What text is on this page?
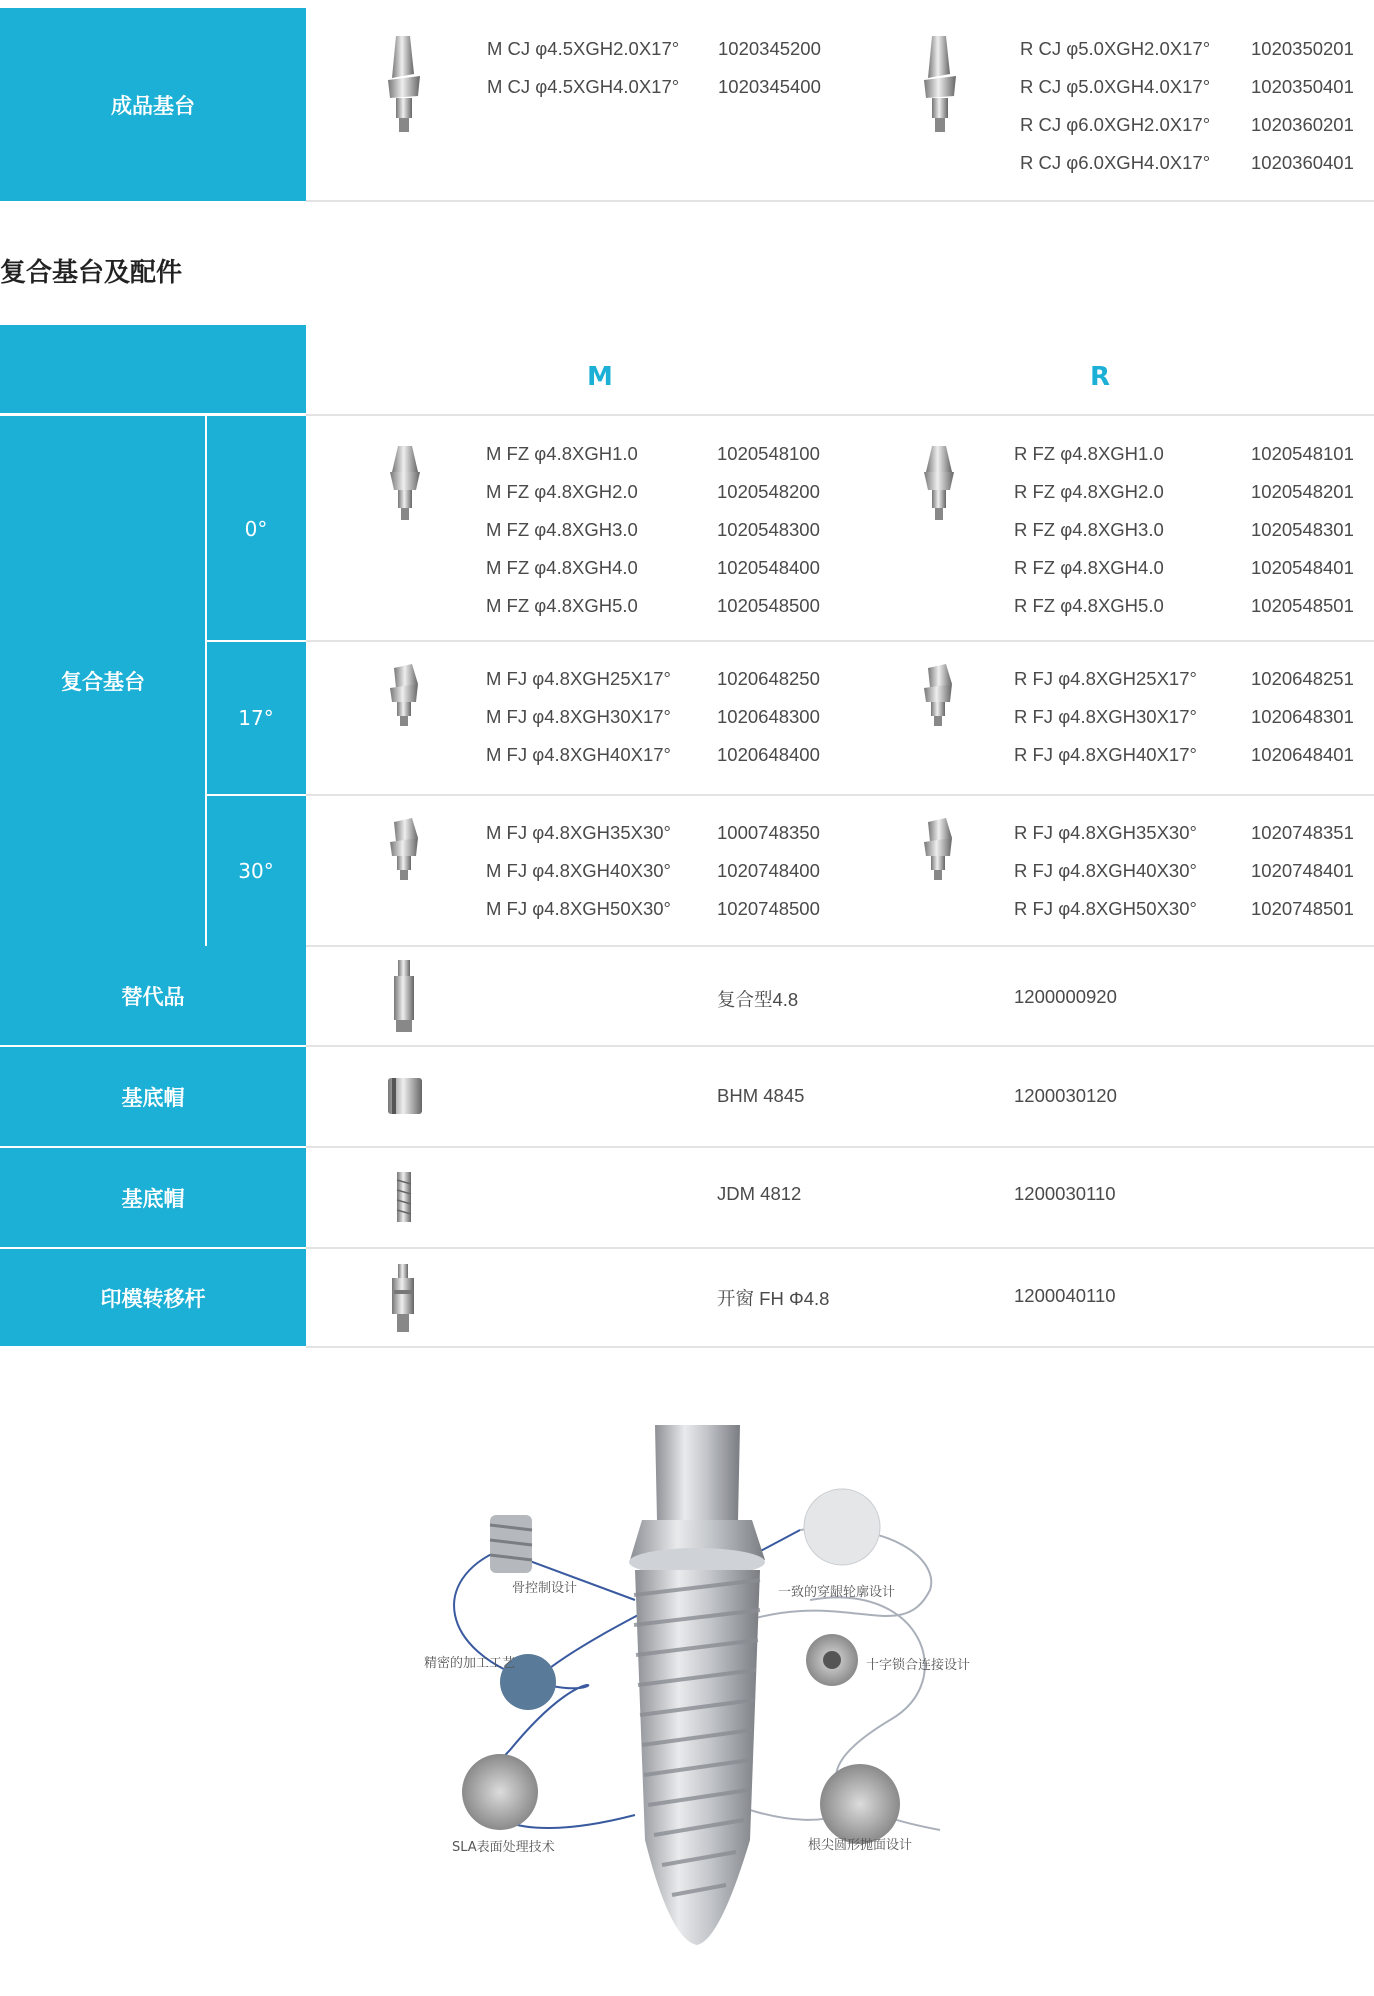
成品基台
M CJ φ4.5XGH2.0X17° 1020345200
M CJ φ4.5XGH4.0X17° 1020345400
R CJ φ5.0XGH2.0X17° 1020350201
R CJ φ5.0XGH4.0X17° 1020350401
R CJ φ6.0XGH2.0X17° 1020360201
R CJ φ6.0XGH4.0X17° 1020360401
复合基台及配件
M	R
复合基台
0°
17°
30°
M FZ φ4.8XGH1.0	1020548100
M FZ φ4.8XGH2.0	1020548200
M FZ φ4.8XGH3.0	1020548300
M FZ φ4.8XGH4.0	1020548400
M FZ φ4.8XGH5.0	1020548500
R FZ φ4.8XGH1.0	1020548101
R FZ φ4.8XGH2.0	1020548201
R FZ φ4.8XGH3.0	1020548301
R FZ φ4.8XGH4.0	1020548401
R FZ φ4.8XGH5.0	1020548501
M FJ φ4.8XGH25X17° 1020648250
M FJ φ4.8XGH30X17° 1020648300
M FJ φ4.8XGH40X17° 1020648400
R FJ φ4.8XGH25X17°	1020648251
R FJ φ4.8XGH30X17°	1020648301
R FJ φ4.8XGH40X17°	1020648401
M FJ φ4.8XGH35X30° 1000748350
M FJ φ4.8XGH40X30° 1020748400
M FJ φ4.8XGH50X30° 1020748500
R FJ φ4.8XGH35X30°	1020748351
R FJ φ4.8XGH40X30°	1020748401
R FJ φ4.8XGH50X30°	1020748501
替代品	复合型4.8	1200000920
基底帽	BHM 4845	1200030120
基底帽	JDM 4812	1200030110
印模转移杆	开窗 FH Φ4.8	1200040110
骨控制设计
精密的加工工艺
SLA表面处理技术
一致的穿龈轮廓设计
十字锁合连接设计
根尖圆形抛面设计
